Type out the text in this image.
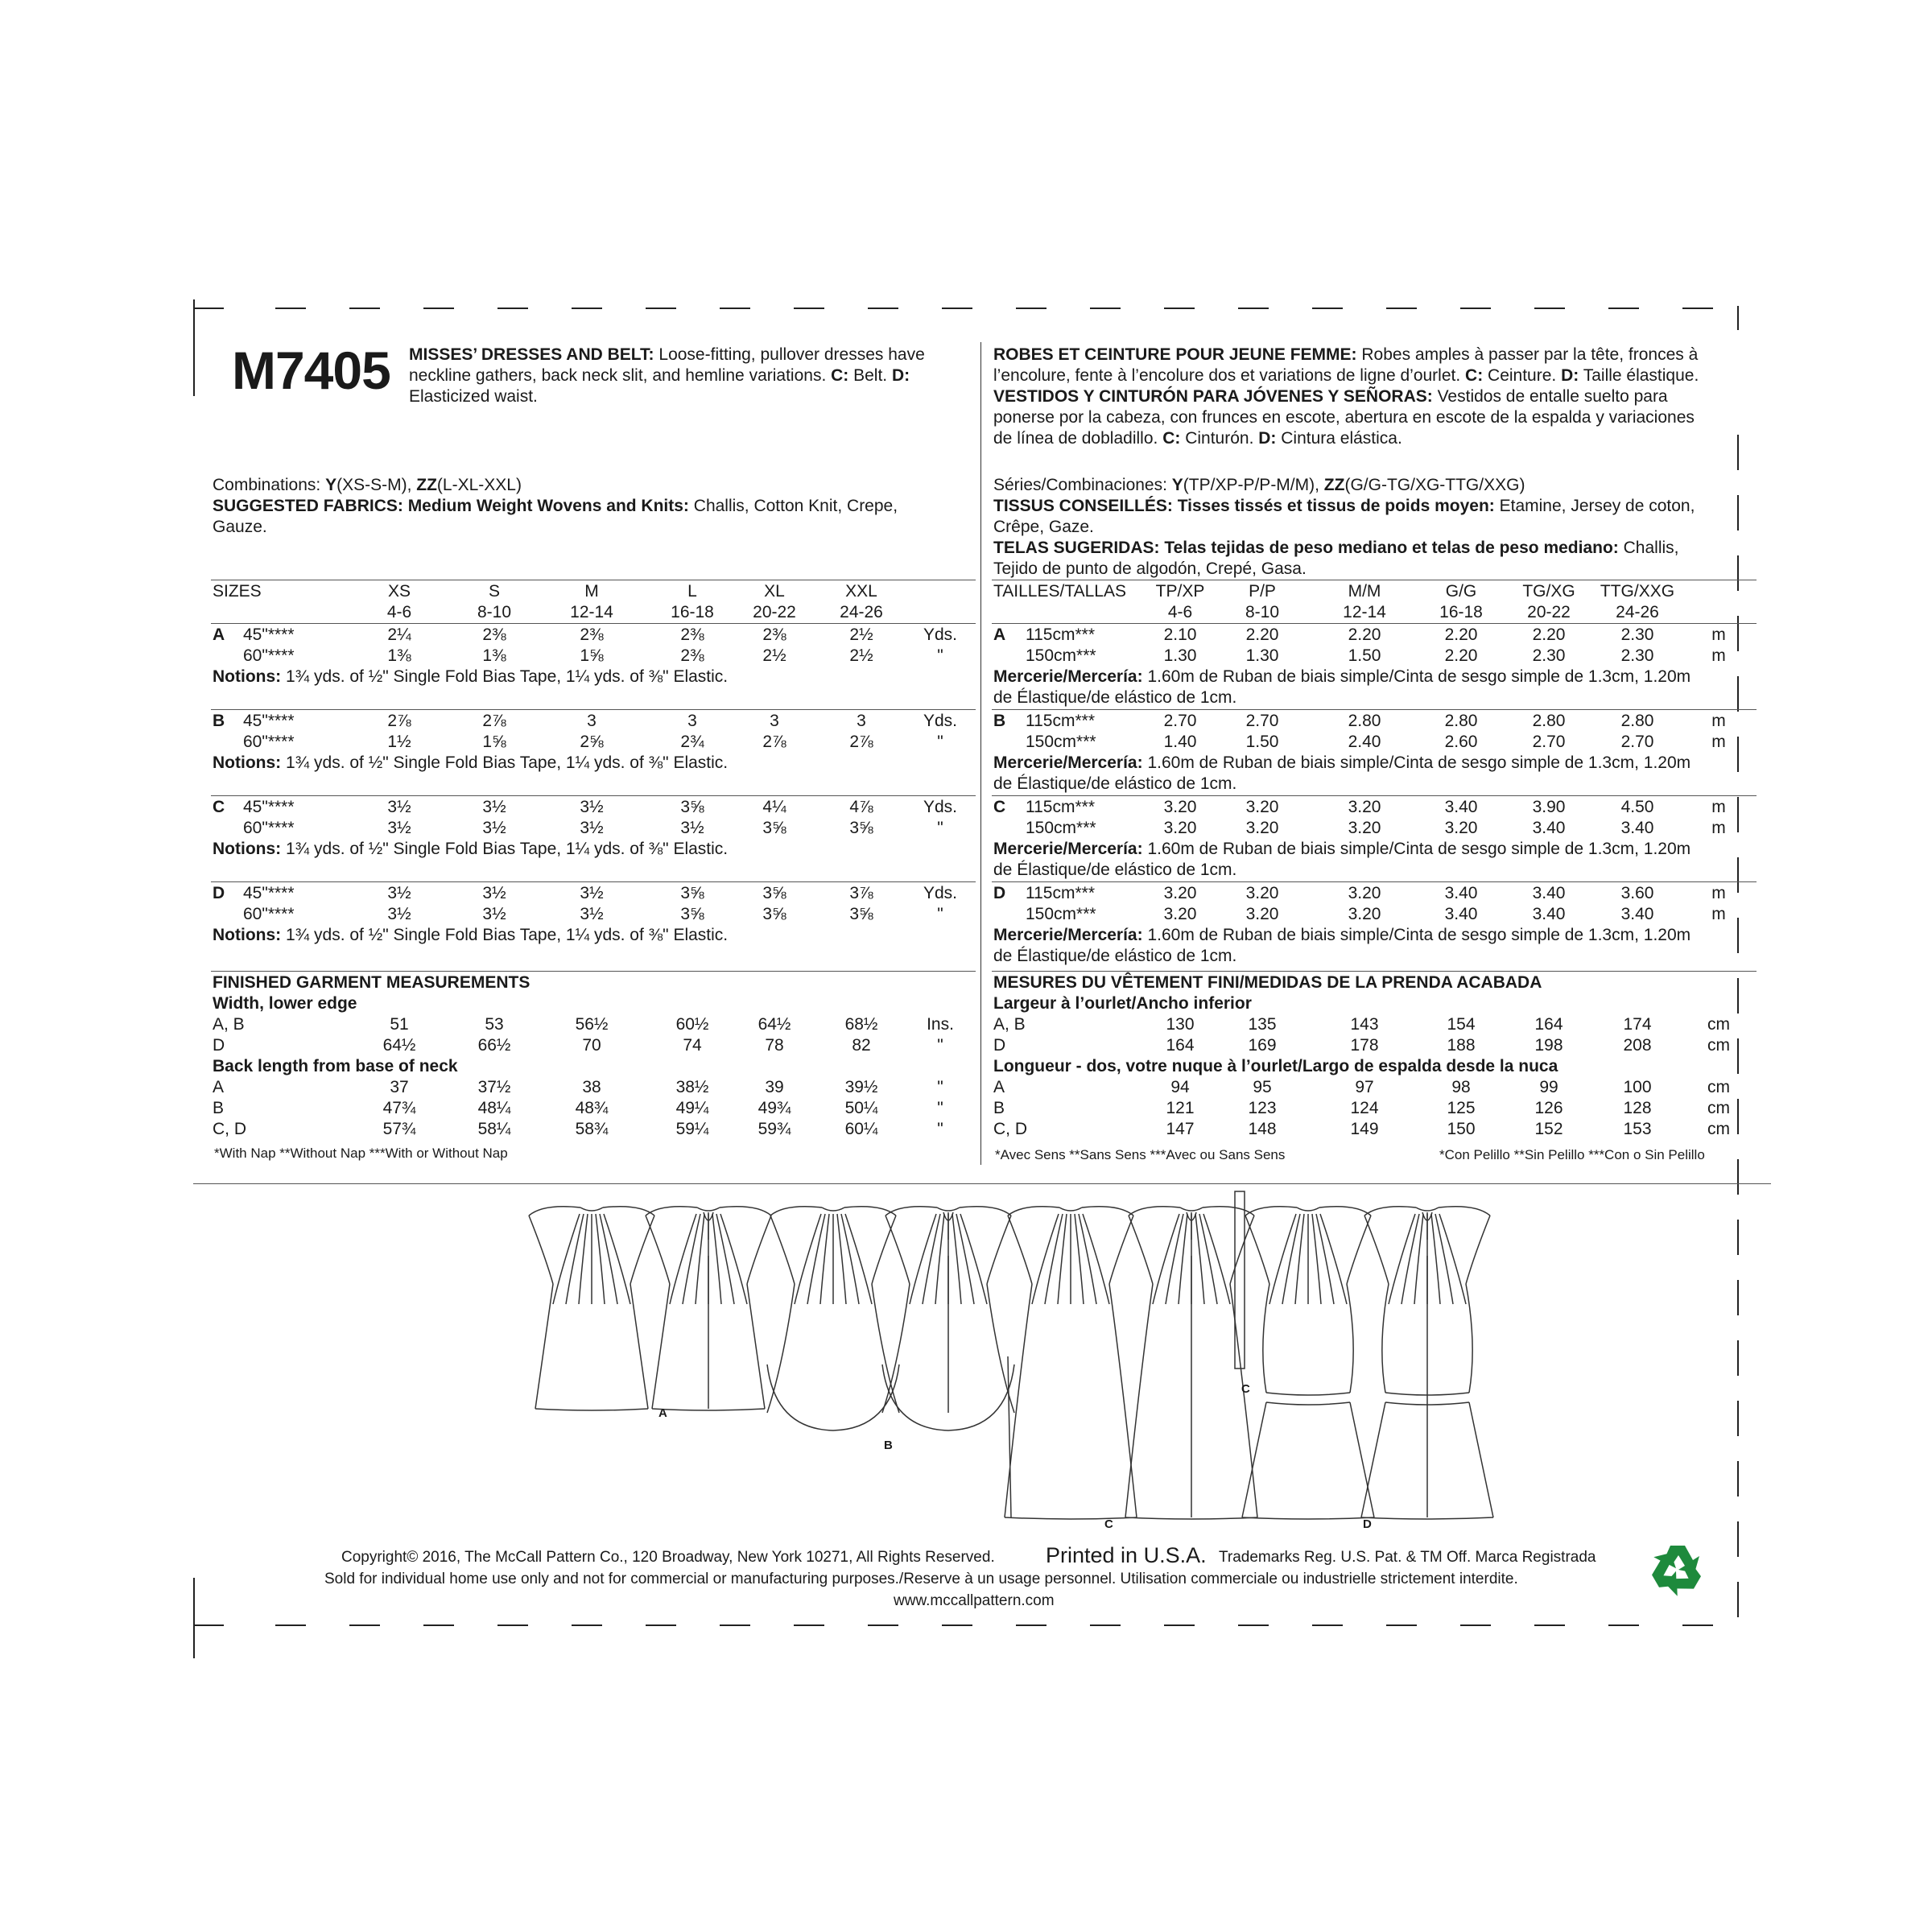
M7405 MISSES’ DRESSES AND BELT: Loose-fitting, pullover dresses have
neckline gathers, back neck slit, and hemline variations. C: Belt. D:
Elasticized waist.
ROBES ET CEINTURE POUR JEUNE FEMME: Robes amples à passer par la tête, fronces à
l’encolure, fente à l’encolure dos et variations de ligne d’ourlet. C: Ceinture. D: Taille élastique.
VESTIDOS Y CINTURÓN PARA JÓVENES Y SEÑORAS: Vestidos de entalle suelto para
ponerse por la cabeza, con frunces en escote, abertura en escote de la espalda y variaciones
de línea de dobladillo. C: Cinturón. D: Cintura elástica.
Combinations: Y(XS-S-M), ZZ(L-XL-XXL)
SUGGESTED FABRICS: Medium Weight Wovens and Knits: Challis, Cotton Knit, Crepe,
Gauze.
Séries/Combinaciones: Y(TP/XP-P/P-M/M), ZZ(G/G-TG/XG-TTG/XXG)
TISSUS CONSEILLÉS: Tisses tissés et tissus de poids moyen: Etamine, Jersey de coton,
Crêpe, Gaze.
TELAS SUGERIDAS: Telas tejidas de peso mediano et telas de peso mediano: Challis,
Tejido de punto de algodón, Crepé, Gasa.
SIZES	XS	S	M	L	XL	XXL
4-6	8-10	12-14	16-18	20-22	24-26
A 45"****	2¼	2⅜	2⅜	2⅜	2⅜	2½	Yds.
60"****	1⅜	1⅜	1⅝	2⅜	2½	2½	"
Notions: 1¾ yds. of ½" Single Fold Bias Tape, 1¼ yds. of ⅜" Elastic.
B 45"****	2⅞	2⅞	3	3	3	3	Yds.
60"****	1½	1⅝	2⅝	2¾	2⅞	2⅞	"
Notions: 1¾ yds. of ½" Single Fold Bias Tape, 1¼ yds. of ⅜" Elastic.
C 45"****	3½	3½	3½	3⅝	4¼	4⅞	Yds.
60"****	3½	3½	3½	3½	3⅝	3⅝	"
Notions: 1¾ yds. of ½" Single Fold Bias Tape, 1¼ yds. of ⅜" Elastic.
D 45"****	3½	3½	3½	3⅝	3⅝	3⅞	Yds.
60"****	3½	3½	3½	3⅝	3⅝	3⅝	"
Notions: 1¾ yds. of ½" Single Fold Bias Tape, 1¼ yds. of ⅜" Elastic.
FINISHED GARMENT MEASUREMENTS
Width, lower edge
A, B	51	53	56½	60½	64½	68½	Ins.
D	64½	66½	70	74	78	82	"
Back length from base of neck
A	37	37½	38	38½	39	39½	"
B	47¾	48¼	48¾	49¼	49¾	50¼	"
C, D	57¾	58¼	58¾	59¼	59¾	60¼	"
*With Nap **Without Nap ***With or Without Nap
TAILLES/TALLAS	TP/XP	P/P	M/M	G/G	TG/XG	TTG/XXG
4-6	8-10	12-14	16-18	20-22	24-26
A 115cm***	2.10	2.20	2.20	2.20	2.20	2.30	m
150cm***	1.30	1.30	1.50	2.20	2.30	2.30	m
Mercerie/Mercería: 1.60m de Ruban de biais simple/Cinta de sesgo simple de 1.3cm, 1.20m
de Élastique/de elástico de 1cm.
B 115cm***	2.70	2.70	2.80	2.80	2.80	2.80	m
150cm***	1.40	1.50	2.40	2.60	2.70	2.70	m
Mercerie/Mercería: 1.60m de Ruban de biais simple/Cinta de sesgo simple de 1.3cm, 1.20m
de Élastique/de elástico de 1cm.
C 115cm***	3.20	3.20	3.20	3.40	3.90	4.50	m
150cm***	3.20	3.20	3.20	3.20	3.40	3.40	m
Mercerie/Mercería: 1.60m de Ruban de biais simple/Cinta de sesgo simple de 1.3cm, 1.20m
de Élastique/de elástico de 1cm.
D 115cm***	3.20	3.20	3.20	3.40	3.40	3.60	m
150cm***	3.20	3.20	3.20	3.40	3.40	3.40	m
Mercerie/Mercería: 1.60m de Ruban de biais simple/Cinta de sesgo simple de 1.3cm, 1.20m
de Élastique/de elástico de 1cm.
MESURES DU VÊTEMENT FINI/MEDIDAS DE LA PRENDA ACABADA
Largeur à l’ourlet/Ancho inferior
A, B	130	135	143	154	164	174	cm
D	164	169	178	188	198	208	cm
Longueur - dos, votre nuque à l’ourlet/Largo de espalda desde la nuca
A	94	95	97	98	99	100	cm
B	121	123	124	125	126	128	cm
C, D	147	148	149	150	152	153	cm
*Avec Sens **Sans Sens ***Avec ou Sans Sens	*Con Pelillo **Sin Pelillo ***Con o Sin Pelillo
A
B
C
C
D
Copyright© 2016, The McCall Pattern Co., 120 Broadway, New York 10271, All Rights Reserved. Printed in U.S.A. Trademarks Reg. U.S. Pat. & TM Off. Marca Registrada
Sold for individual home use only and not for commercial or manufacturing purposes./Reserve à un usage personnel. Utilisation commerciale ou industrielle strictement interdite.
www.mccallpattern.com
